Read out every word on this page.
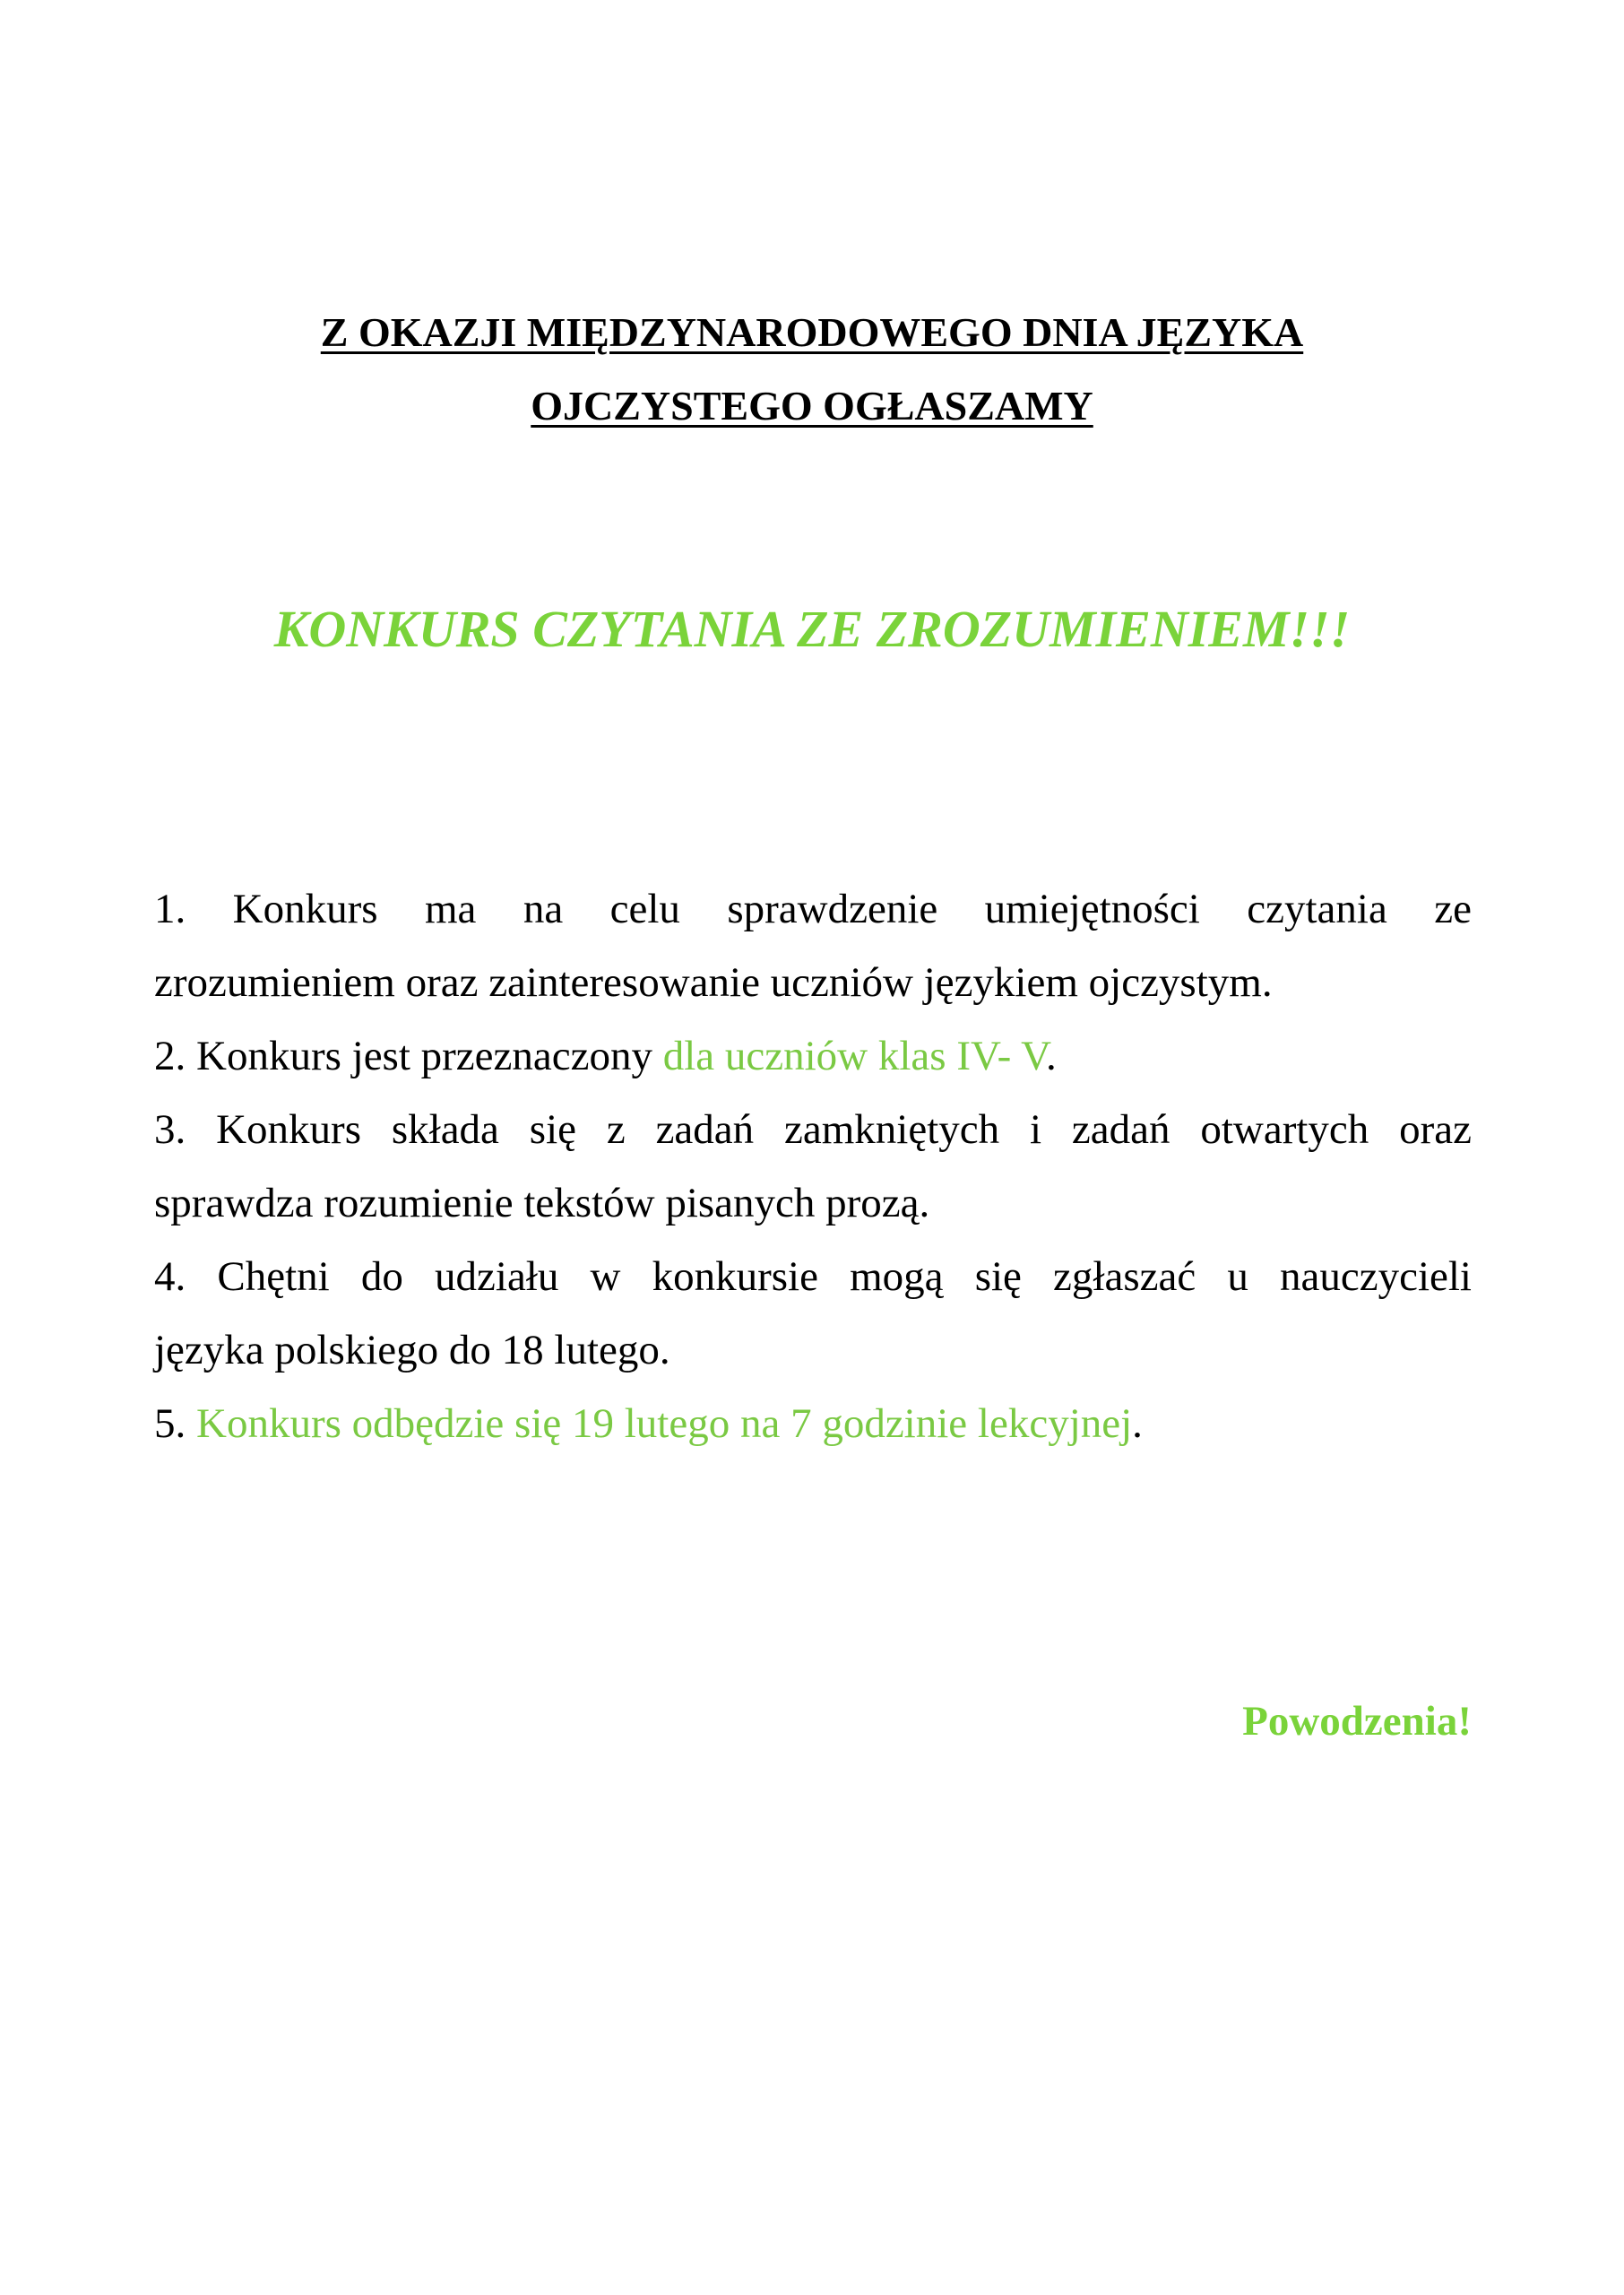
Z OKAZJI MIĘDZYNARODOWEGO DNIA JĘZYKA
OJCZYSTEGO OGŁASZAMY
KONKURS CZYTANIA ZE ZROZUMIENIEM!!!

1. Konkurs ma na celu sprawdzenie umiejętności czytania ze
zrozumieniem oraz zainteresowanie uczniów językiem ojczystym.

2. Konkurs jest przeznaczony dla uczniów klas IV- V.

3. Konkurs składa się z zadań zamkniętych i zadań otwartych oraz
sprawdza rozumienie tekstów pisanych prozą.

4. Chętni do udziału w konkursie mogą się zgłaszać u nauczycieli
języka polskiego do 18 lutego.

5. Konkurs odbędzie się 19 lutego na 7 godzinie lekcyjnej.

Powodzenia!
